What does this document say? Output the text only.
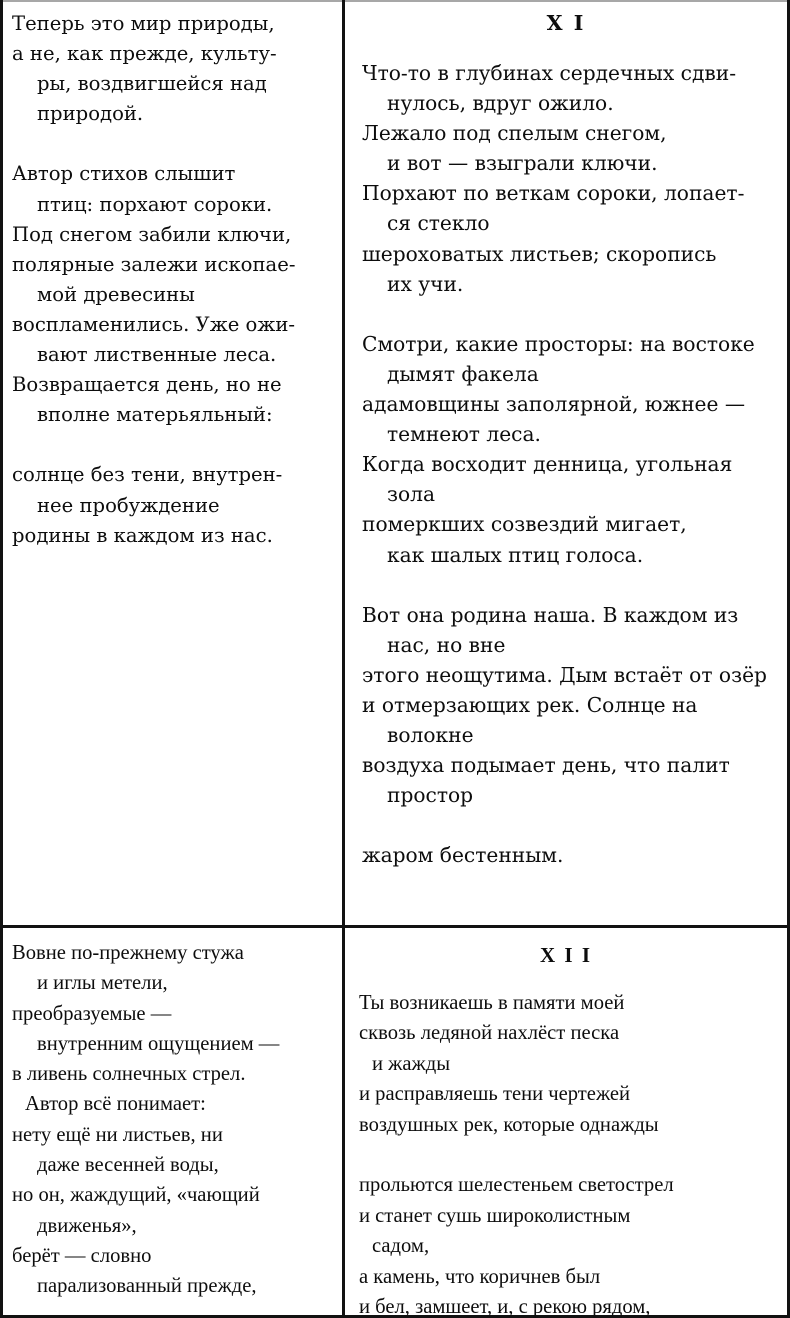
Теперь это мир природы,
а не, как прежде, культу-
ры, воздвигшейся над
природой.
Автор стихов слышит
птиц: порхают сороки.
Под снегом забили ключи,
полярные залежи ископае-
мой древесины
воспламенились. Уже ожи-
вают лиственные леса.
Возвращается день, но не
вполне матерьяльный:
солнце без тени, внутрен-
нее пробуждение
родины в каждом из нас.
X I
Что-то в глубинах сердечных сдви-
нулось, вдруг ожило.
Лежало под спелым снегом,
и вот — взыграли ключи.
Порхают по веткам сороки, лопает-
ся стекло
шероховатых листьев; скоропись
их учи.
Смотри, какие просторы: на востоке
дымят факела
адамовщины заполярной, южнее —
темнеют леса.
Когда восходит денница, угольная
зола
померкших созвездий мигает,
как шалых птиц голоса.
Вот она родина наша. В каждом из
нас, но вне
этого неощутима. Дым встаёт от озёр
и отмерзающих рек. Солнце на
волокне
воздуха подымает день, что палит
простор
жаром бестенным.
Вовне по-прежнему стужа
и иглы метели,
преобразуемые —
внутренним ощущением —
в ливень солнечных стрел.
Автор всё понимает:
нету ещё ни листьев, ни
даже весенней воды,
но он, жаждущий, «чающий
движенья»,
берёт — словно
парализованный прежде,
X I I
Ты возникаешь в памяти моей
сквозь ледяной нахлёст песка
и жажды
и расправляешь тени чертежей
воздушных рек, которые однажды
прольются шелестеньем светострел
и станет сушь широколистным
садом,
а камень, что коричнев был
и бел, замшеет, и, с рекою рядом,
